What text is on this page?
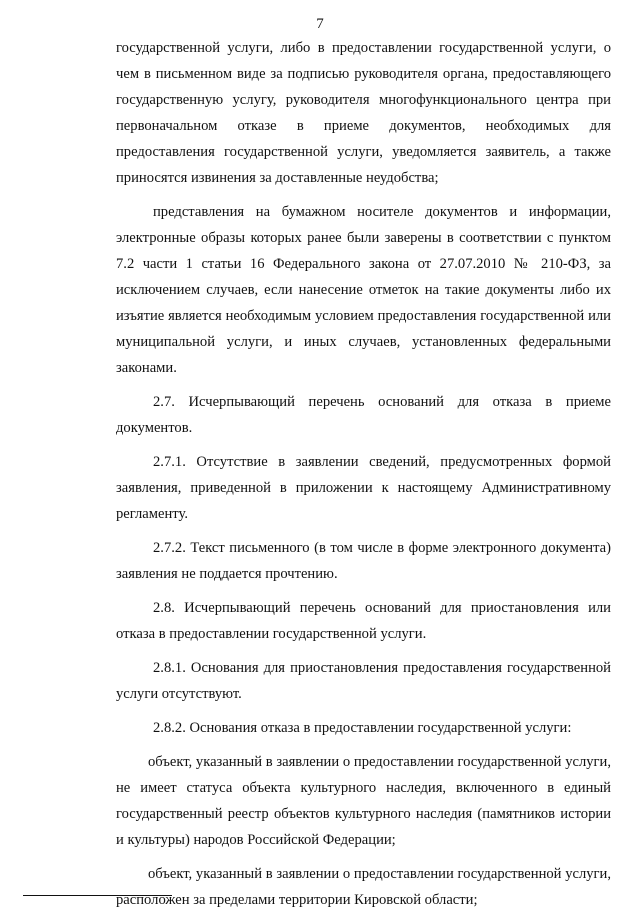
7

государственной услуги, либо в предоставлении государственной услуги, о чем в письменном виде за подписью руководителя органа, предоставляющего государственную услугу, руководителя многофункционального центра при первоначальном отказе в приеме документов, необходимых для предоставления государственной услуги, уведомляется заявитель, а также приносятся извинения за доставленные неудобства;

представления на бумажном носителе документов и информации, электронные образы которых ранее были заверены в соответствии с пунктом 7.2 части 1 статьи 16 Федерального закона от 27.07.2010 № 210-ФЗ, за исключением случаев, если нанесение отметок на такие документы либо их изъятие является необходимым условием предоставления государственной или муниципальной услуги, и иных случаев, установленных федеральными законами.

2.7. Исчерпывающий перечень оснований для отказа в приеме документов.

2.7.1. Отсутствие в заявлении сведений, предусмотренных формой заявления, приведенной в приложении к настоящему Административному регламенту.

2.7.2. Текст письменного (в том числе в форме электронного документа) заявления не поддается прочтению.

2.8. Исчерпывающий перечень оснований для приостановления или отказа в предоставлении государственной услуги.

2.8.1. Основания для приостановления предоставления государственной услуги отсутствуют.

2.8.2. Основания отказа в предоставлении государственной услуги:

объект, указанный в заявлении о предоставлении государственной услуги, не имеет статуса объекта культурного наследия, включенного в единый государственный реестр объектов культурного наследия (памятников истории и культуры) народов Российской Федерации;

объект, указанный в заявлении о предоставлении государственной услуги, расположен за пределами территории Кировской области;
